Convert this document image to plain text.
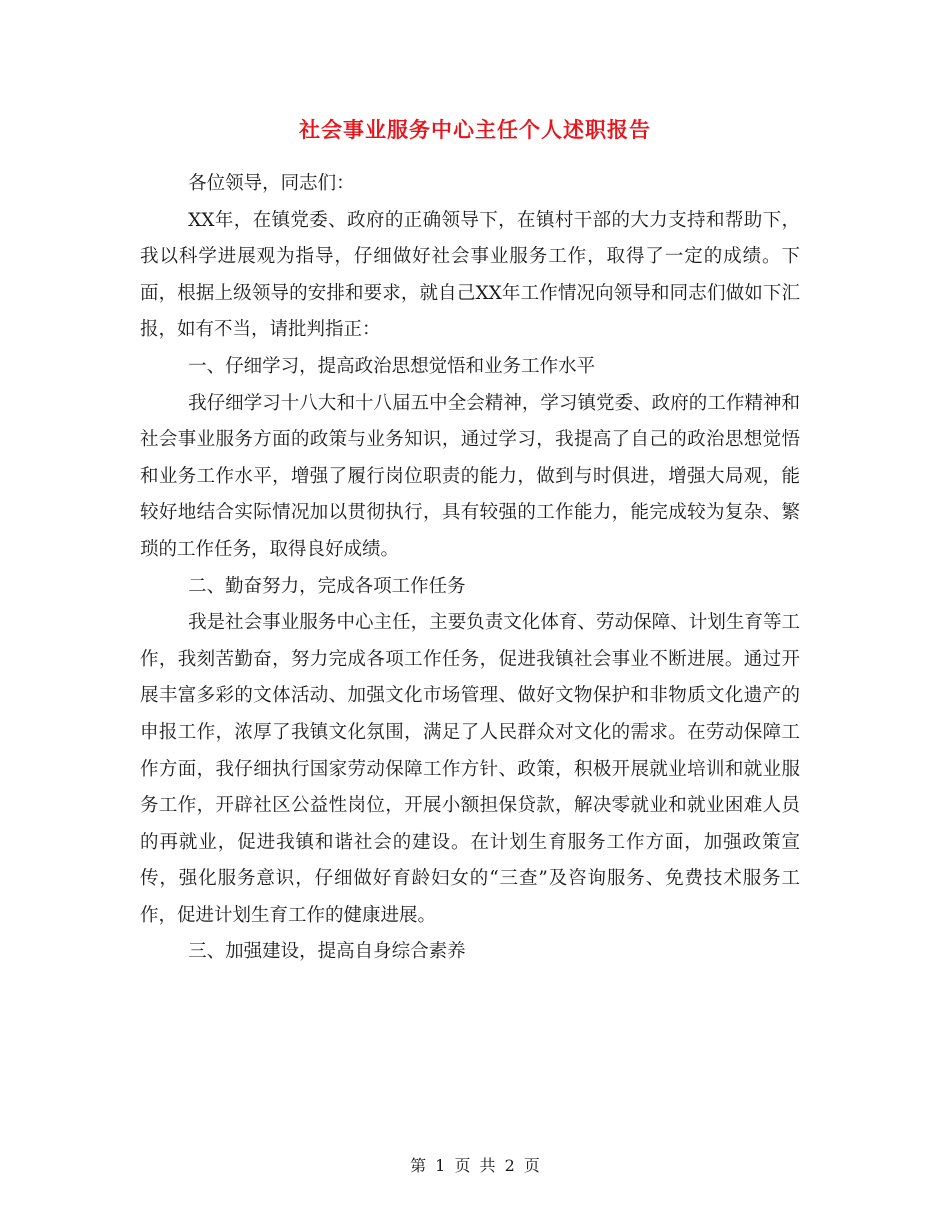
社会事业服务中心主任个人述职报告

各位领导，同志们：

XX年，在镇党委、政府的正确领导下，在镇村干部的大力支持和帮助下，我以科学进展观为指导，仔细做好社会事业服务工作，取得了一定的成绩。下面，根据上级领导的安排和要求，就自己XX年工作情况向领导和同志们做如下汇报，如有不当，请批判指正：

一、仔细学习，提高政治思想觉悟和业务工作水平

我仔细学习十八大和十八届五中全会精神，学习镇党委、政府的工作精神和社会事业服务方面的政策与业务知识，通过学习，我提高了自己的政治思想觉悟和业务工作水平，增强了履行岗位职责的能力，做到与时俱进，增强大局观，能较好地结合实际情况加以贯彻执行，具有较强的工作能力，能完成较为复杂、繁琐的工作任务，取得良好成绩。

二、勤奋努力，完成各项工作任务

我是社会事业服务中心主任，主要负责文化体育、劳动保障、计划生育等工作，我刻苦勤奋，努力完成各项工作任务，促进我镇社会事业不断进展。通过开展丰富多彩的文体活动、加强文化市场管理、做好文物保护和非物质文化遗产的申报工作，浓厚了我镇文化氛围，满足了人民群众对文化的需求。在劳动保障工作方面，我仔细执行国家劳动保障工作方针、政策，积极开展就业培训和就业服务工作，开辟社区公益性岗位，开展小额担保贷款，解决零就业和就业困难人员的再就业，促进我镇和谐社会的建设。在计划生育服务工作方面，加强政策宣传，强化服务意识，仔细做好育龄妇女的“三查”及咨询服务、免费技术服务工作，促进计划生育工作的健康进展。

三、加强建设，提高自身综合素养

第 1 页 共 2 页
